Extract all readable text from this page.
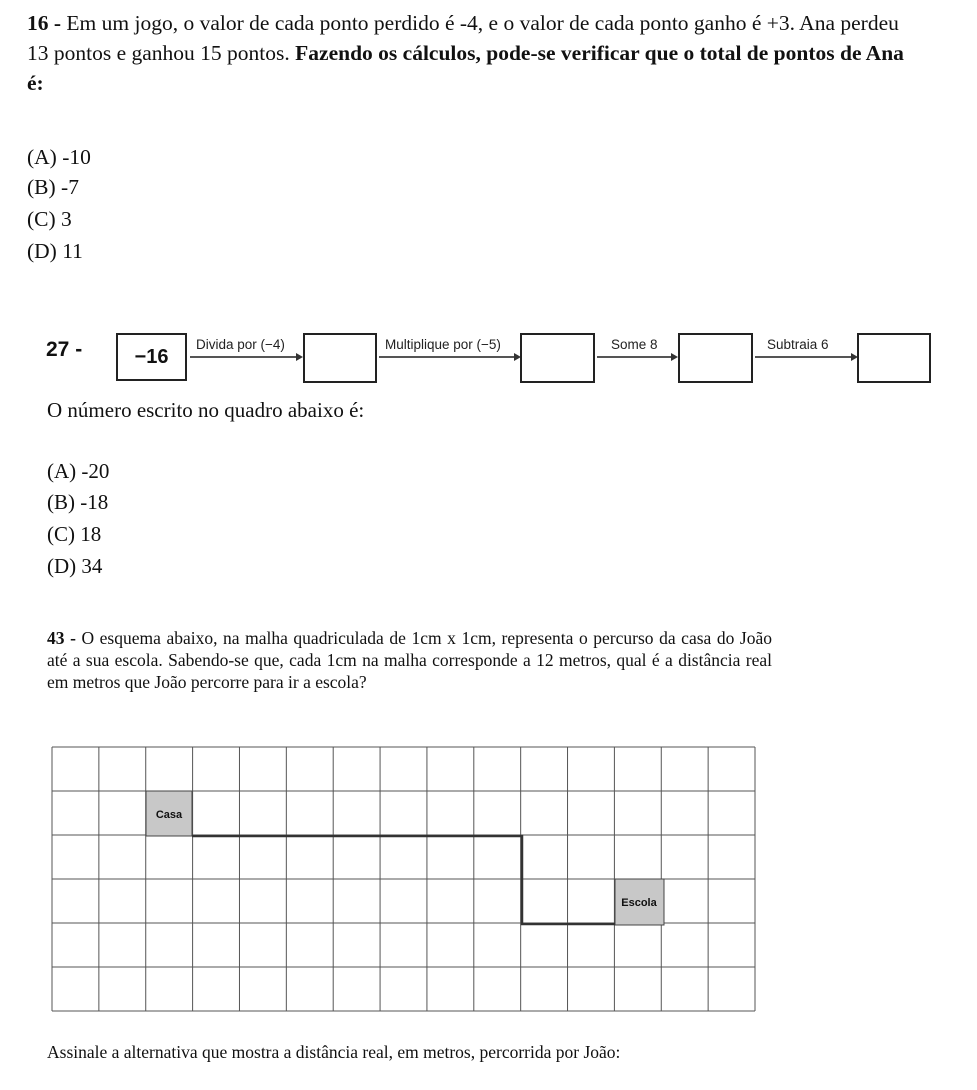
16 - Em um jogo, o valor de cada ponto perdido é -4, e o valor de cada ponto ganho é +3. Ana perdeu 13 pontos e ganhou 15 pontos. Fazendo os cálculos, pode-se verificar que o total de pontos de Ana é:
(A) -10
(B) -7
(C) 3
(D) 11
27 -	−16
Divida por (−4)	Multiplique por (−5)	Some 8	Subtraia 6
O número escrito no quadro abaixo é:
(A) -20
(B) -18
(C) 18
(D) 34
43 - O esquema abaixo, na malha quadriculada de 1cm x 1cm, representa o percurso da casa do João até a sua escola. Sabendo-se que, cada 1cm na malha corresponde a 12 metros, qual é a distância real em metros que João percorre para ir a escola?
Casa
Escola
Assinale a alternativa que mostra a distância real, em metros, percorrida por João:
